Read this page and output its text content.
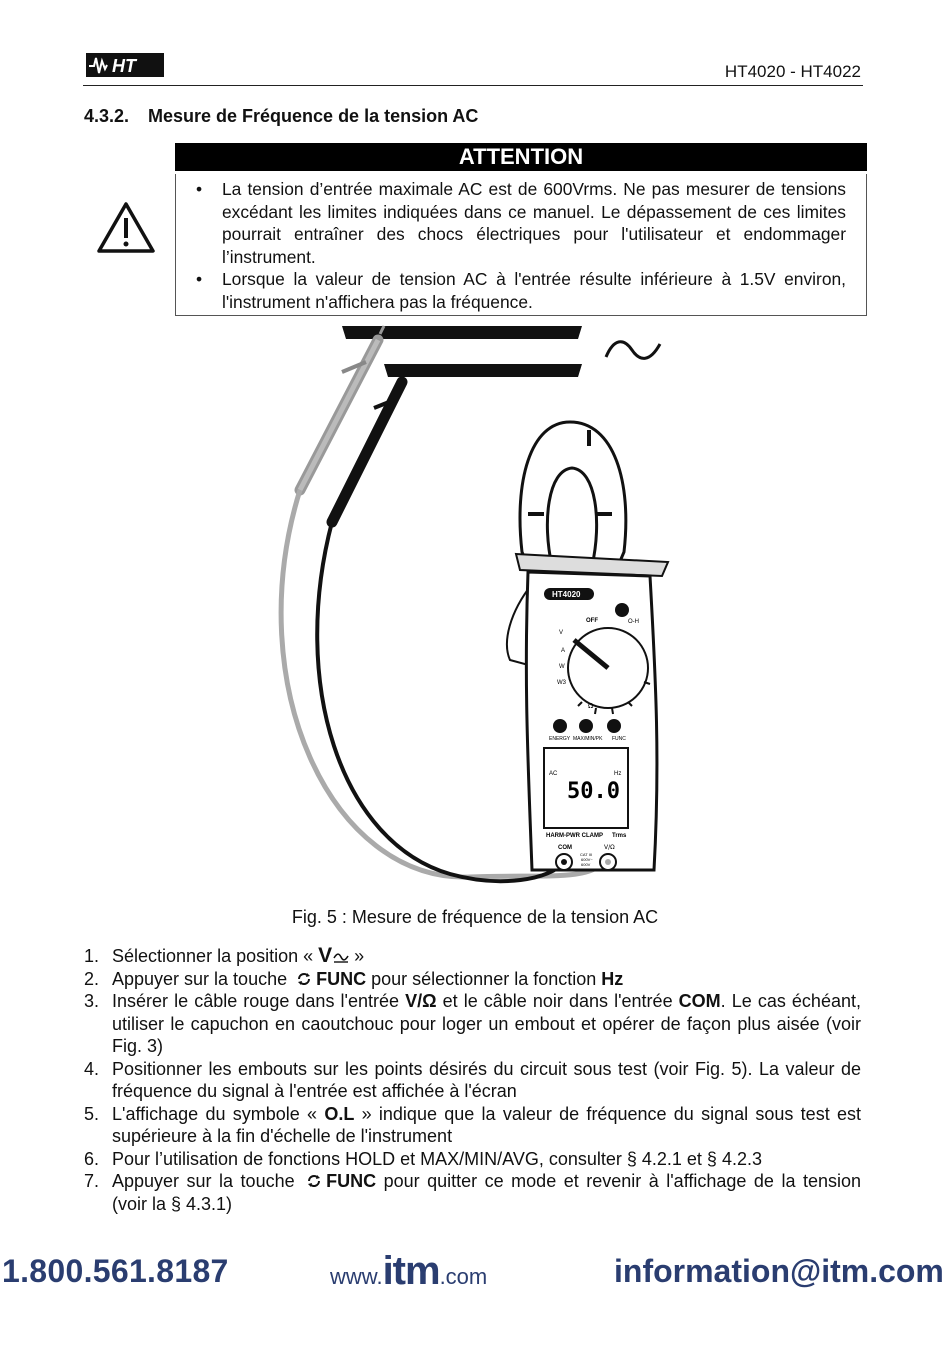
HT	HT4020 - HT4022
4.3.2. Mesure de Fréquence de la tension AC
ATTENTION
• La tension d’entrée maximale AC est de 600Vrms. Ne pas mesurer de tensions excédant les limites indiquées dans ce manuel. Le dépassement de ces limites pourrait entraîner des chocs électriques pour l'utilisateur et endommager l’instrument.
• Lorsque la valeur de tension AC à l'entrée résulte inférieure à 1.5V environ, l'instrument n'affichera pas la fréquence.
HT4020
O-H
OFF
V
A
W
W3
Ω
ENERGY MAX/MIN/PK FUNC
AC	Hz
50.0
HARM-PWR CLAMP Trms
COM	V/Ω
CAT III
600V~
600V
Fig. 5 : Mesure de fréquence de la tension AC
1. Sélectionner la position « V »
2. Appuyer sur la touche FUNC pour sélectionner la fonction Hz
3. Insérer le câble rouge dans l'entrée V/Ω et le câble noir dans l'entrée COM. Le cas échéant, utiliser le capuchon en caoutchouc pour loger un embout et opérer de façon plus aisée (voir Fig. 3)
4. Positionner les embouts sur les points désirés du circuit sous test (voir Fig. 5). La valeur de fréquence du signal à l'entrée est affichée à l'écran
5. L'affichage du symbole « O.L » indique que la valeur de fréquence du signal sous test est supérieure à la fin d'échelle de l'instrument
6. Pour l’utilisation de fonctions HOLD et MAX/MIN/AVG, consulter § 4.2.1 et § 4.2.3
7. Appuyer sur la touche FUNC pour quitter ce mode et revenir à l'affichage de la tension (voir la § 4.3.1)
1.800.561.8187	www.itm.com	information@itm.com
